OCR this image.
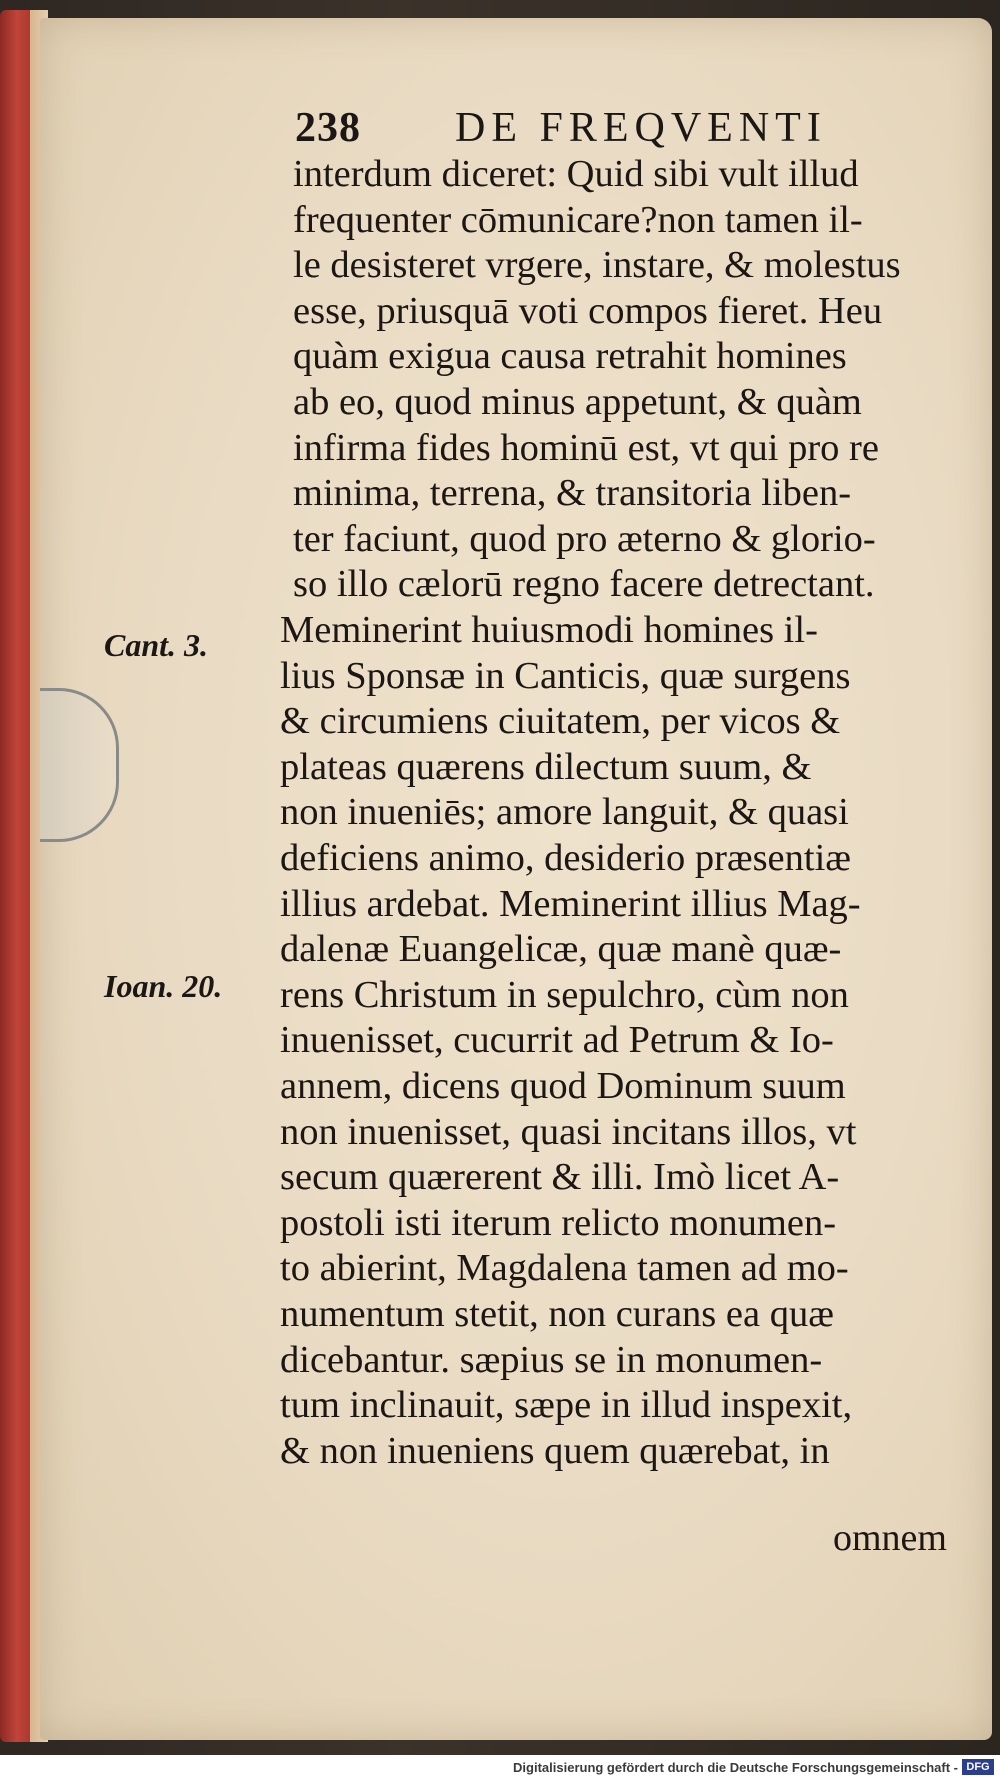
238 DE FREQVENTI
Cant. 3.
Ioan. 20.
interdum diceret: Quid sibi vult illud
frequenter cōmunicare?non tamen il-
le desisteret vrgere, instare, & molestus
esse, priusquā voti compos fieret. Heu
quàm exigua causa retrahit homines
ab eo, quod minus appetunt, & quàm
infirma fides hominū est, vt qui pro re
minima, terrena, & transitoria liben-
ter faciunt, quod pro æterno & glorio-
so illo cælorū regno facere detrectant.
Meminerint huiusmodi homines il-
lius Sponsæ in Canticis, quæ surgens
& circumiens ciuitatem, per vicos &
plateas quærens dilectum suum, &
non inueniēs; amore languit, & quasi
deficiens animo, desiderio præsentiæ
illius ardebat. Meminerint illius Mag-
dalenæ Euangelicæ, quæ manè quæ-
rens Christum in sepulchro, cùm non
inuenisset, cucurrit ad Petrum & Io-
annem, dicens quod Dominum suum
non inuenisset, quasi incitans illos, vt
secum quærerent & illi. Imò licet A-
postoli isti iterum relicto monumen-
to abierint, Magdalena tamen ad mo-
numentum stetit, non curans ea quæ
dicebantur. sæpius se in monumen-
tum inclinauit, sæpe in illud inspexit,
& non inueniens quem quærebat, in
omnem
Digitalisierung gefördert durch die Deutsche Forschungsgemeinschaft - DFG
